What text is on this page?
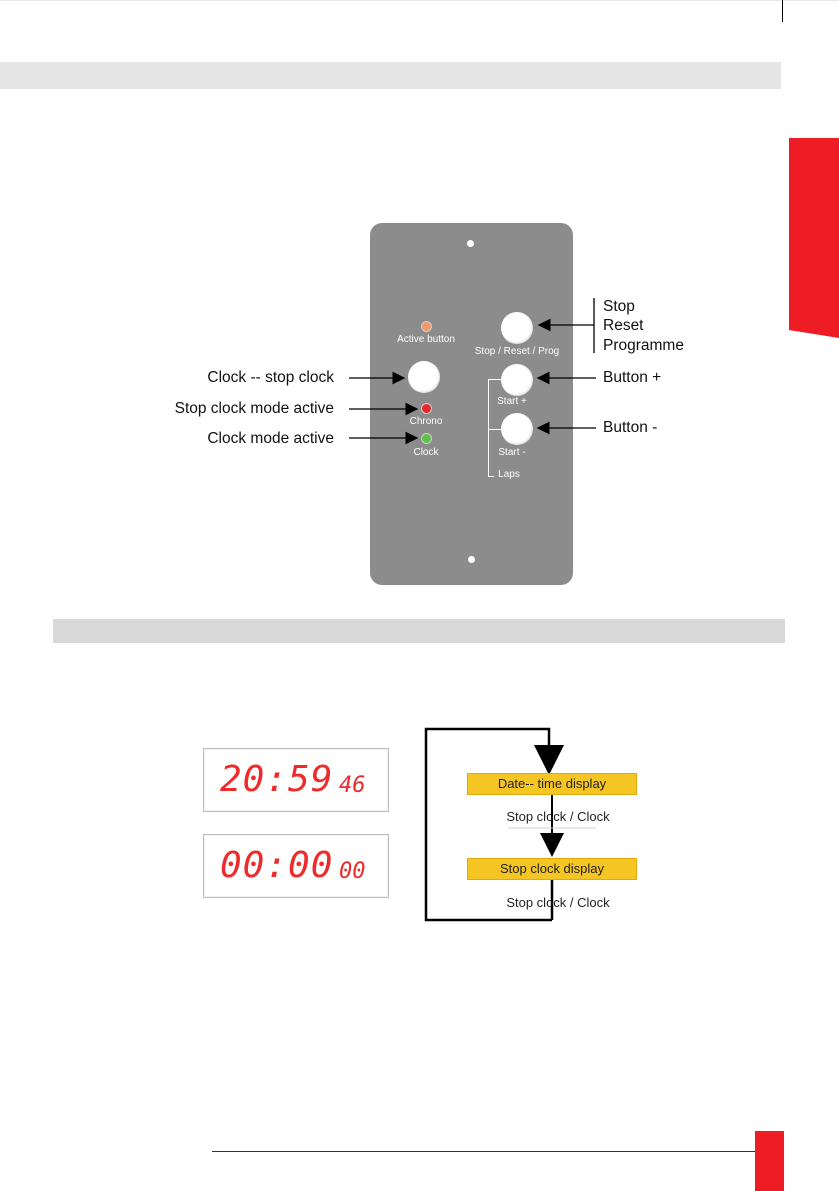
Active button
Stop / Reset / Prog
Start +
Chrono
Start -
Clock
Laps
Clock -- stop clock
Stop clock mode active
Clock mode active
Stop
Reset
Programme
Button +
Button -
20:59 46
00:00 00
Date-- time display
Stop clock / Clock
Stop clock display
Stop clock / Clock
